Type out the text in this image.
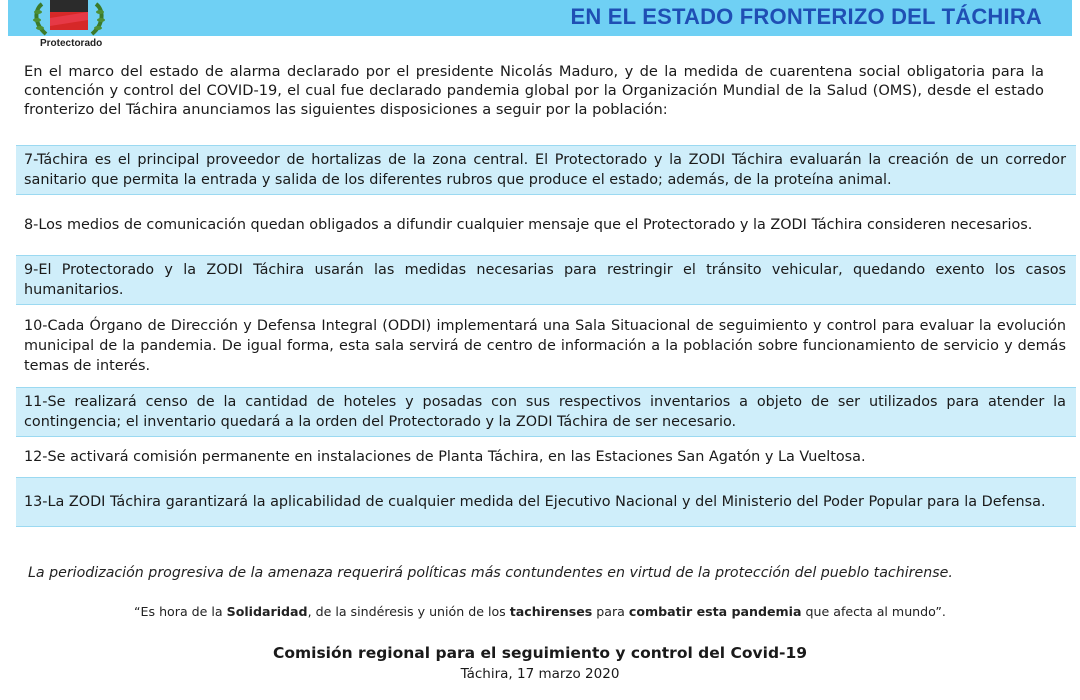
EN EL ESTADO FRONTERIZO DEL TÁCHIRA
Protectorado
En el marco del estado de alarma declarado por el presidente Nicolás Maduro, y de la medida de cuarentena social obligatoria para la contención y control del COVID-19, el cual fue declarado pandemia global por la Organización Mundial de la Salud (OMS), desde el estado fronterizo del Táchira anunciamos las siguientes disposiciones a seguir por la población:
7-Táchira es el principal proveedor de hortalizas de la zona central. El Protectorado y la ZODI Táchira evaluarán la creación de un corredor sanitario que permita la entrada y salida de los diferentes rubros que produce el estado; además, de la proteína animal.
8-Los medios de comunicación quedan obligados a difundir cualquier mensaje que el Protectorado y la ZODI Táchira consideren necesarios.
9-El Protectorado y la ZODI Táchira usarán las medidas necesarias para restringir el tránsito vehicular, quedando exento los casos humanitarios.
10-Cada Órgano de Dirección y Defensa Integral (ODDI) implementará una Sala Situacional de seguimiento y control para evaluar la evolución municipal de la pandemia. De igual forma, esta sala servirá de centro de información a la población sobre funcionamiento de servicio y demás temas de interés.
11-Se realizará censo de la cantidad de hoteles y posadas con sus respectivos inventarios a objeto de ser utilizados para atender la contingencia; el inventario quedará a la orden del Protectorado y la ZODI Táchira de ser necesario.
12-Se activará comisión permanente en instalaciones de Planta Táchira, en las Estaciones San Agatón y La Vueltosa.
13-La ZODI Táchira garantizará la aplicabilidad de cualquier medida del Ejecutivo Nacional y del Ministerio del Poder Popular para la Defensa.
La periodización progresiva de la amenaza requerirá políticas más contundentes en virtud de la protección del pueblo tachirense.
“Es hora de la Solidaridad, de la sindéresis y unión de los tachirenses para combatir esta pandemia que afecta al mundo”.
Comisión regional para el seguimiento y control del Covid-19
Táchira, 17 marzo 2020
